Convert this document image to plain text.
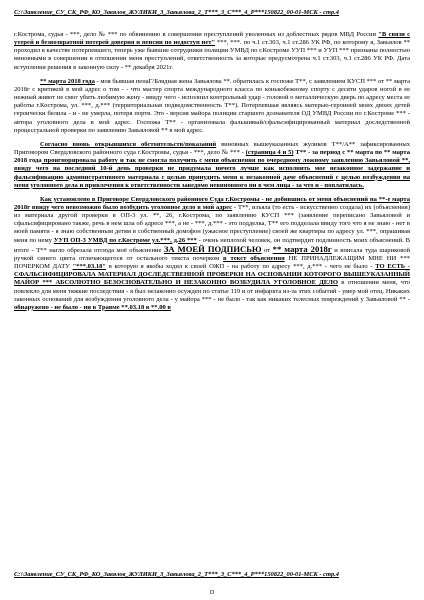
C:\\Заявление_СУ_СК_РФ_КО_Завялов_ЖУЛИКИ_3_Завьялова_2_Т***_3_С***_4_Р***150822_00-01-МСК - стр.4

г.Кострома, судья - ***, дело № *** по обвинению в совершении преступлений уволенных из доблестных рядов МВД России "В связи с утерей и безвозвратной потерей доверия и пенсии по недоступ нет" ***, ***. по ч.1 ст.303, ч.1 ст.286 УК РФ, по которому я, Завьялов ** проходил в качестве потерпевшего, теперь уже бывшие сотрудники полиции УМВД по г.Костроме УУП *** и УУП *** признаны полностью виновными в совершении в отношении меня преступлений, ответственность за которые предусмотрена ч.1 ст.303, ч.1 ст.286 УК РФ. Дата вступления решения в законную силу - ** декабря 2021г.

** марта 2018 года - моя бывшая пенаГ/Блядная жена Завьялова **. обратилась к госпоже Т**, с заявлением КУСП *** от ** марта 2018г с критикой в мой адрес о том - - что мастер спорта международного класса по конькобежному спорту с десяти ударов ногой в ее нежный живот не смог убить любимую жену - ввиду чего - исполнил контрольный удар - головой о металлическую дверь по адресу места ее работы г.Кострома, ул. ***, д.*** (территориальная подведомственность Т**). Потерпевшая являясь матерью-героиней моих двоих детей героически белила - и - не умерла, потеря портя. Это - версия майора полиции старшего дознавателя ОД УМВД России по г.Костроме *** - автора уголовного дела в мой адрес. Госпожа Т** - организовала фальшивый/сфальсифицированный материал доследственной процессуальной проверки по заявлению Завьяловой ** в мой адрес.

Согласно вновь открывшихся обстоятельств/показаний виновных вышеуказанных жуликов Т**/А** зафиксированных Приговором Свердловского районного суда г.Костромы, судья - ***, дело № *** - (страница 4 и 5) Т** - за период с ** марта по ** марта 2018 года проигнорировала работу и так не смогла получить с меня объяснения по очередному ложному заявлению Завьяловой **, ввиду чего на последний 10-й день проверки не придумала ничего лучше как исполнить мое незаконное задержание и фальсификацию административного материала с целью принудить меня к незаконной даче объяснений с целью возбуждения на меня уголовного дела и привлечения к ответственности заведомо невиновного ни в чем лица - за что и - поплатилась.

Как установлено в Приговоре Свердловского районного Суда г.Костромы - не добившись от меня объяснений на **-е марта 2018г ввиду чего невозможно было возбудить уголовное дело в мой адрес - Т**, изъяла (то есть - искусственно создала) их (объяснения) из материала другой проверки в ОП-3 ул. **, 26, г.Кострома, по заявлению КУСП *** (заявление переписано Завьяловой и сфальсифицировано также, речь в нем шла об адресе ***, а не - ***, д.*** - это подделка, Т** его подделала ввиду того что я не знаю - нет в моей памяти - я знаю собственным детям в собственный домофон (ужасное преступление) своей же квартиры по адресу ул. ***, опрашивая меня по нему УУП ОП-3 УМВД по г.Костроме ул.***, д.26 *** - очень неплохой человек, он подтвердит подлинность моих объяснений. В итоге - Т** нагло обрезала отсюда моё объяснение ЗА МОЕЙ ПОДПИСЬЮ от ** марта 2018г и вписала туда шариковой ручкой синего цвета отличающегося от остального текста почерком в текст объяснения НЕ ПРИНАДЛЕЖАЩИМ МНЕ НИ *** ПОЧЕРКОМ ДАТУ "***.03.18" в которую я якобы ходил к своей ОЖП - на работу по адресу ***, д.*** - чего не было - ТО ЕСТЬ - СФАЛЬСИФИЦИРОВАЛА МАТЕРИАЛ ДОСЛЕДСТВЕННОЙ ПРОВЕРКИ НА ОСНОВАНИИ КОТОРОГО ВЫШЕУКАЗАННЫЙ МАЙОР *** АБСОЛЮТНО БЕЗОСНОВАТЕЛЬНО И НЕЗАКОННО ВОЗБУДИЛА УГОЛОВНОЕ ДЕЛО в отношении меня, что повлекло для меня тяжкие последствия - я был незаконно осужден по статье 119 и от инфаркта из-за этих событий - умер мой отец. Никаких законных оснований для возбуждения уголовного дела - у майора *** - не было - так как никаких телесных повреждений у Завьяловой ** - обнаружено - не было - ни в Травме **.03.18 в **.00 в

C:\\Заявление_СУ_СК_РФ_КО_Завялов_ЖУЛИКИ_3_Завьялова_2_Т***_3_С***_4_Р***150822_00-01-МСК - стр.4
D
